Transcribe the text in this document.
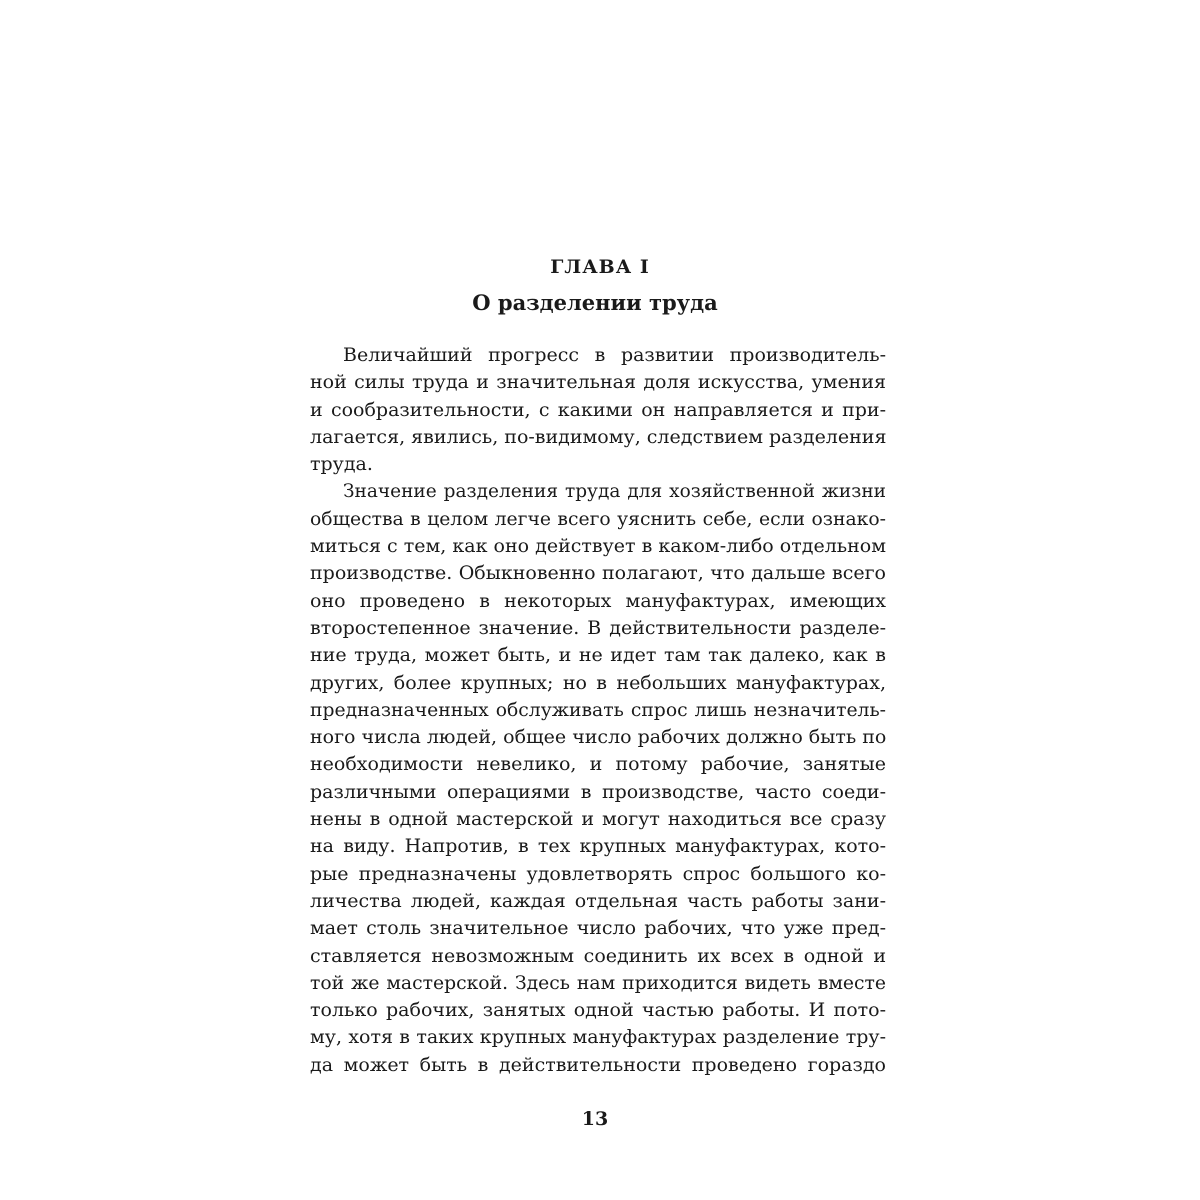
ГЛАВА I
О разделении труда
Величайший прогресс в развитии производитель-
ной силы труда и значительная доля искусства, умения
и сообразительности, с какими он направляется и при-
лагается, явились, по-видимому, следствием разделения
труда.
Значение разделения труда для хозяйственной жизни
общества в целом легче всего уяснить себе, если ознако-
миться с тем, как оно действует в каком-либо отдельном
производстве. Обыкновенно полагают, что дальше всего
оно проведено в некоторых мануфактурах, имеющих
второстепенное значение. В действительности разделе-
ние труда, может быть, и не идет там так далеко, как в
других, более крупных; но в небольших мануфактурах,
предназначенных обслуживать спрос лишь незначитель-
ного числа людей, общее число рабочих должно быть по
необходимости невелико, и потому рабочие, занятые
различными операциями в производстве, часто соеди-
нены в одной мастерской и могут находиться все сразу
на виду. Напротив, в тех крупных мануфактурах, кото-
рые предназначены удовлетворять спрос большого ко-
личества людей, каждая отдельная часть работы зани-
мает столь значительное число рабочих, что уже пред-
ставляется невозможным соединить их всех в одной и
той же мастерской. Здесь нам приходится видеть вместе
только рабочих, занятых одной частью работы. И пото-
му, хотя в таких крупных мануфактурах разделение тру-
да может быть в действительности проведено гораздо
13
